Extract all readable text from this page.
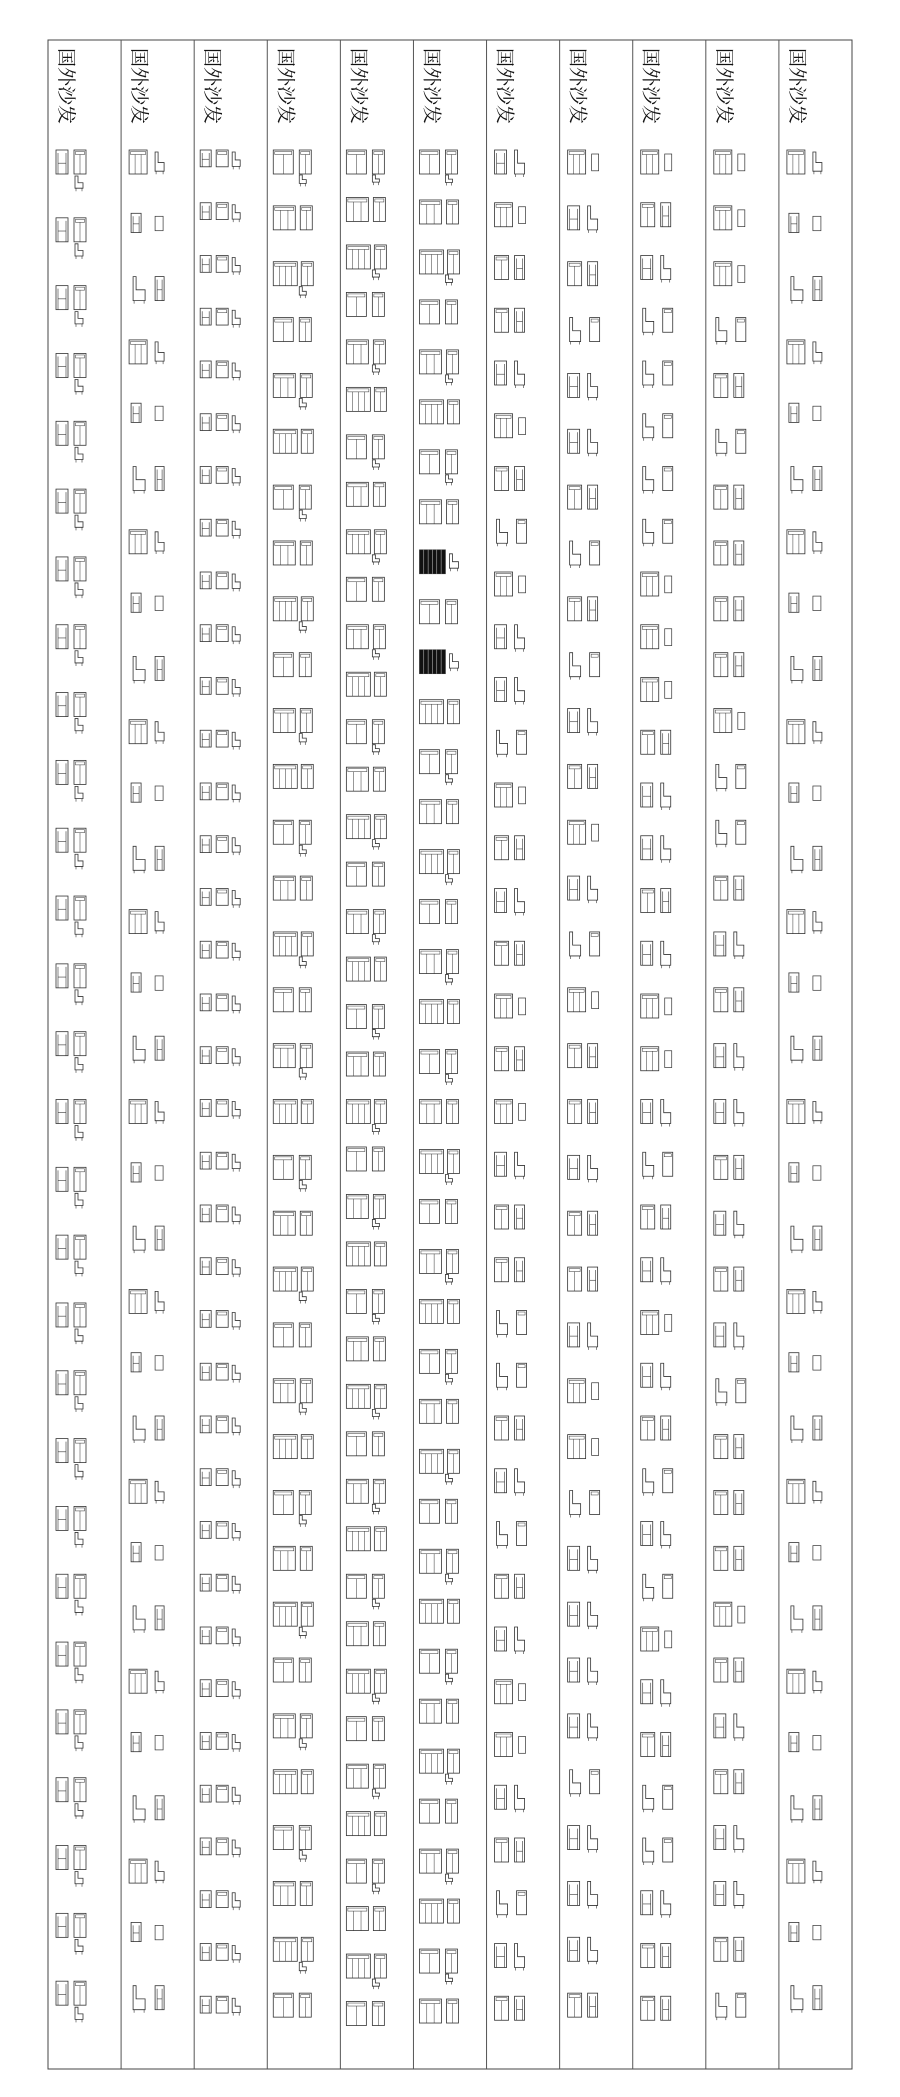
国外沙发	国外沙发	国外沙发	国外沙发	国外沙发	国外沙发	国外沙发	国外沙发	国外沙发	国外沙发	国外沙发
